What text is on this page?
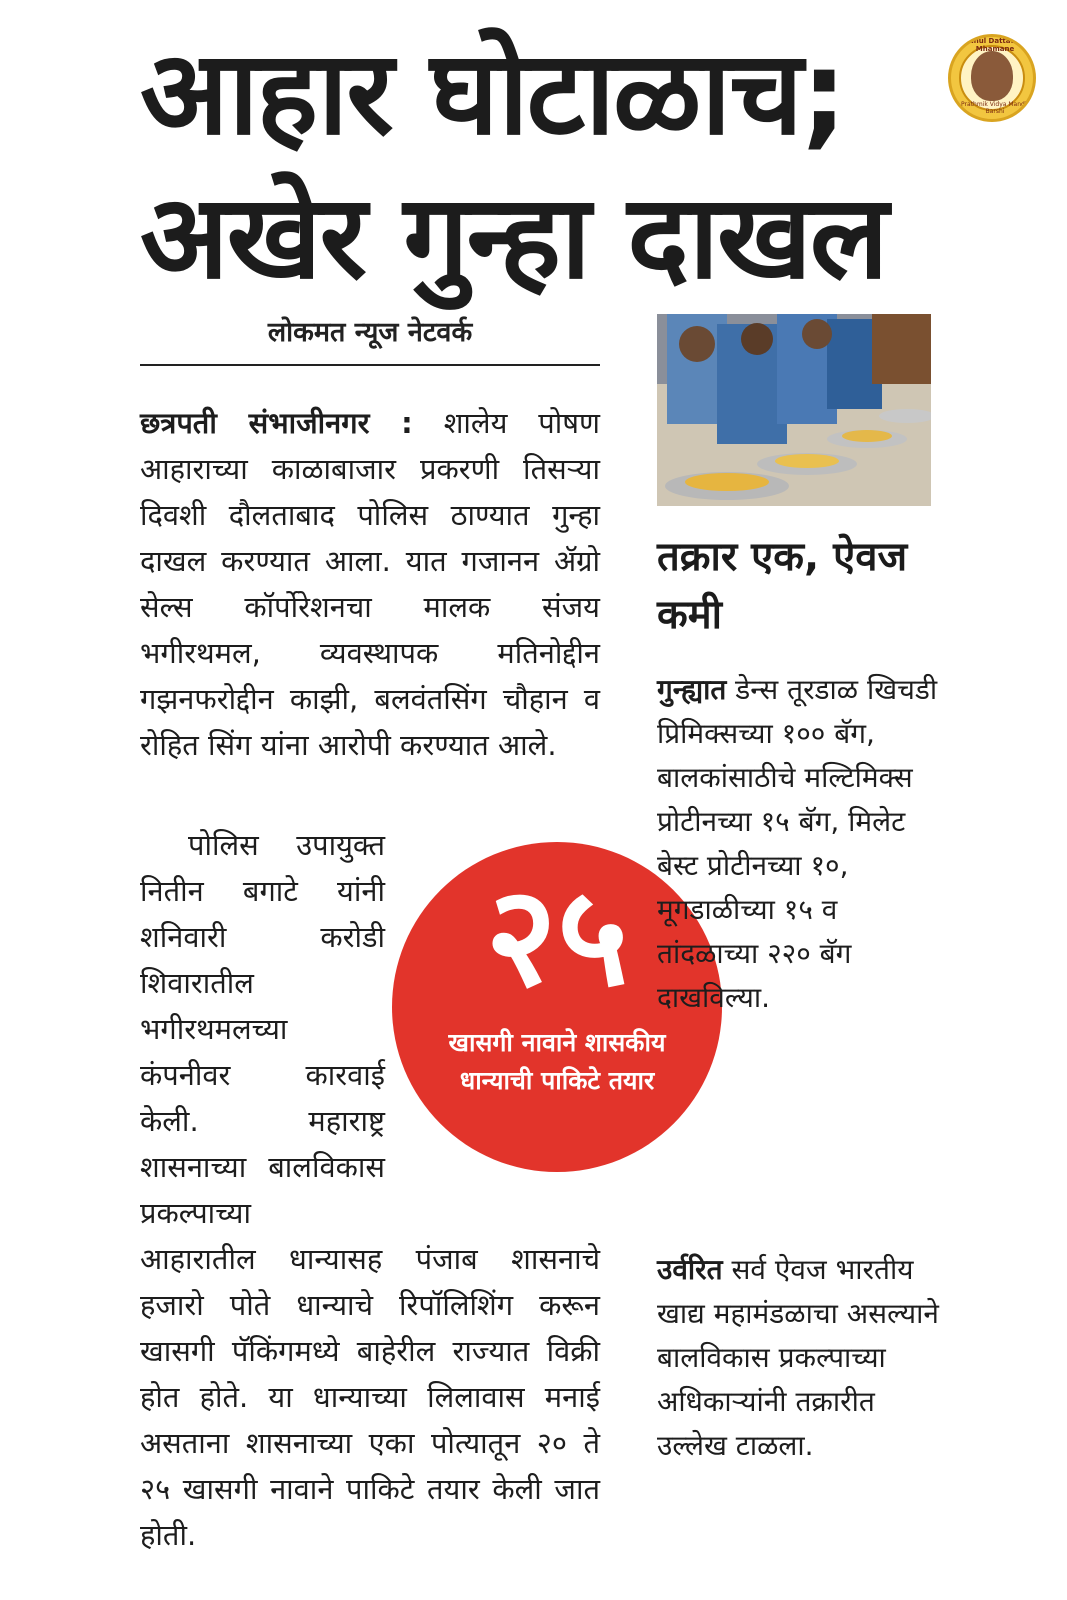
आहार घोटाळाच;
अखेर गुन्हा दाखल
Rahul Dattatray Mhamane
Prathmik Vidya Mandir Barshi
लोकमत न्यूज नेटवर्क
छत्रपती संभाजीनगर : शालेय पोषण आहाराच्या काळाबाजार प्रकरणी तिसऱ्या दिवशी दौलताबाद पोलिस ठाण्यात गुन्हा दाखल करण्यात आला. यात गजानन ॲग्रो सेल्स कॉर्पोरेशनचा मालक संजय भगीरथमल, व्यवस्थापक मतिनोद्दीन गझनफरोद्दीन काझी, बलवंतसिंग चौहान व रोहित सिंग यांना आरोपी करण्यात आले.
पोलिस उपायुक्त नितीन बगाटे यांनी शनिवारी करोडी शिवारातील भगीरथमलच्या कंपनीवर कारवाई केली. महाराष्ट्र शासनाच्या बालविकास प्रकल्पाच्या
आहारातील धान्यासह पंजाब शासनाचे हजारो पोते धान्याचे रिपॉलिशिंग करून खासगी पॅकिंगमध्ये बाहेरील राज्यात विक्री होत होते. या धान्याच्या लिलावास मनाई असताना शासनाच्या एका पोत्यातून २० ते २५ खासगी नावाने पाकिटे तयार केली जात होती.
२५
खासगी नावाने शासकीय धान्याची पाकिटे तयार
तक्रार एक, ऐवज कमी
गुन्ह्यात डेन्स तूरडाळ खिचडी प्रिमिक्सच्या १०० बॅग, बालकांसाठीचे मल्टिमिक्स प्रोटीनच्या १५ बॅग, मिलेट बेस्ट प्रोटीनच्या १०, मूगडाळीच्या १५ व तांदळाच्या २२० बॅग दाखविल्या.
उर्वरित सर्व ऐवज भारतीय खाद्य महामंडळाचा असल्याने बालविकास प्रकल्पाच्या अधिकाऱ्यांनी तक्रारीत उल्लेख टाळला.
